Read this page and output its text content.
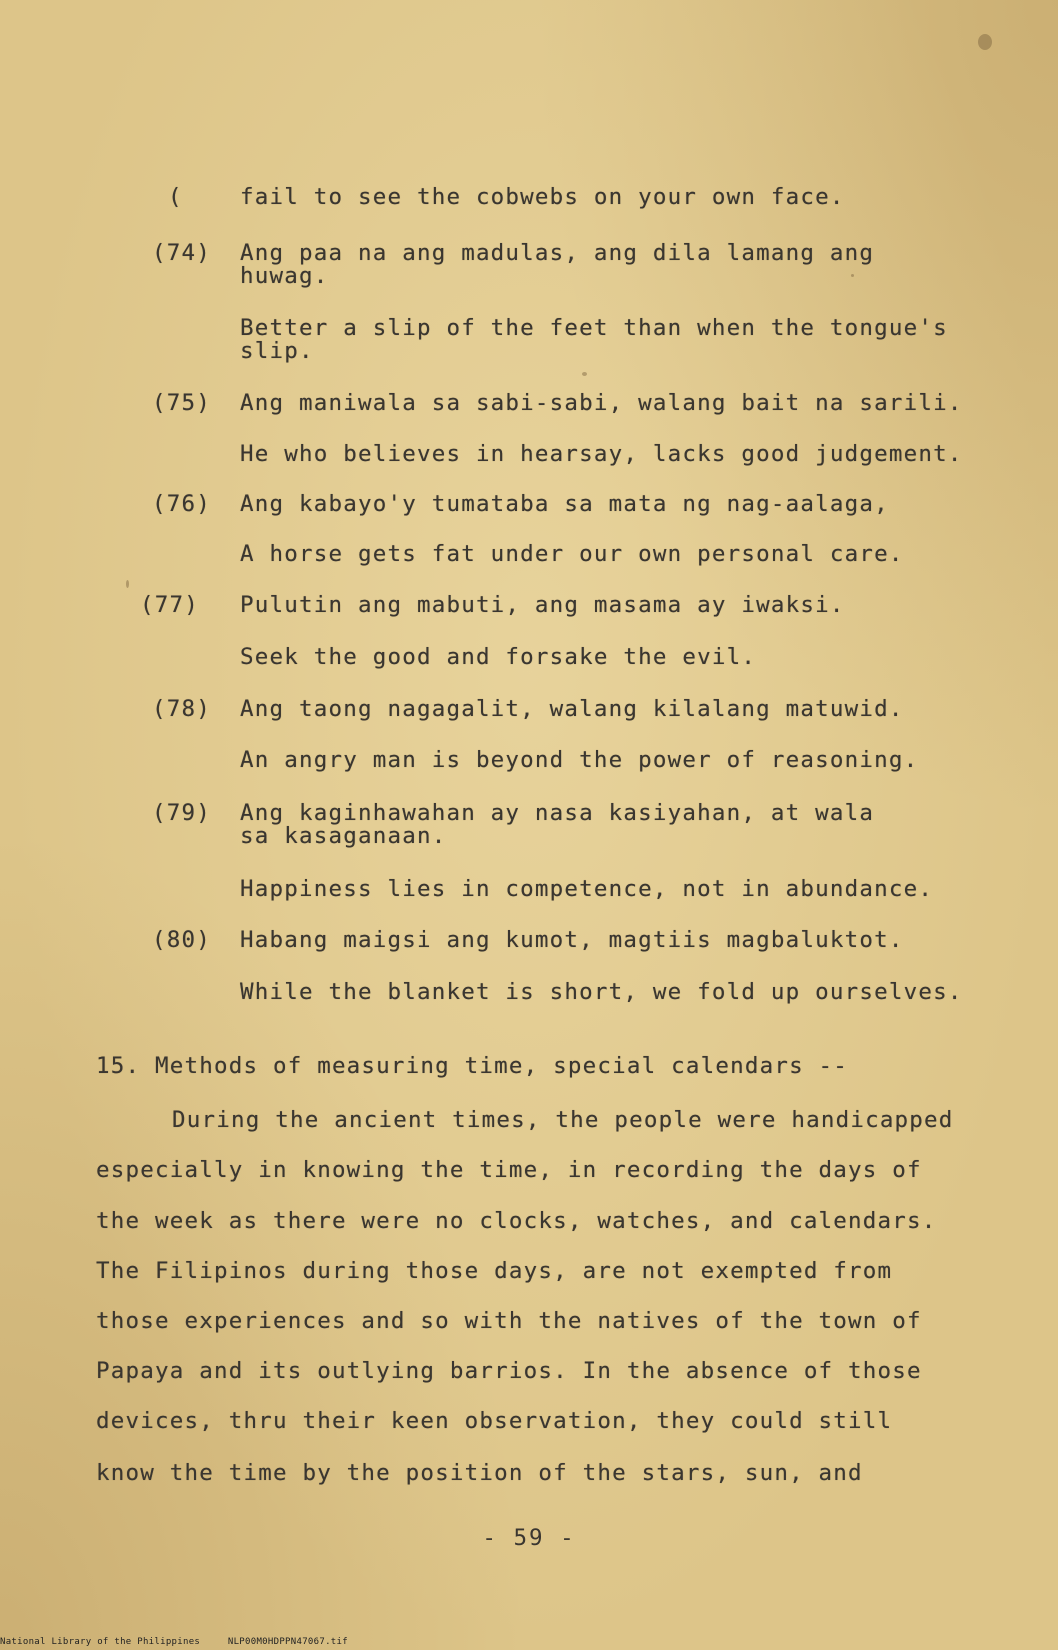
(	fail to see the cobwebs on your own face.
(74) Ang paa na ang madulas, ang dila lamang ang
huwag.
Better a slip of the feet than when the tongue's
slip.
(75) Ang maniwala sa sabi-sabi, walang bait na sarili.
He who believes in hearsay, lacks good judgement.
(76) Ang kabayo'y tumataba sa mata ng nag-aalaga,
A horse gets fat under our own personal care.
(77) Pulutin ang mabuti, ang masama ay iwaksi.
Seek the good and forsake the evil.
(78) Ang taong nagagalit, walang kilalang matuwid.
An angry man is beyond the power of reasoning.
(79) Ang kaginhawahan ay nasa kasiyahan, at wala
sa kasaganaan.
Happiness lies in competence, not in abundance.
(80) Habang maigsi ang kumot, magtiis magbaluktot.
While the blanket is short, we fold up ourselves.
15. Methods of measuring time, special calendars --
During the ancient times, the people were handicapped
especially in knowing the time, in recording the days of
the week as there were no clocks, watches, and calendars.
The Filipinos during those days, are not exempted from
those experiences and so with the natives of the town of
Papaya and its outlying barrios. In the absence of those
devices, thru their keen observation, they could still
know the time by the position of the stars, sun, and
- 59 -
National Library of the Philippines	NLP00M0HDPPN47067.tif
